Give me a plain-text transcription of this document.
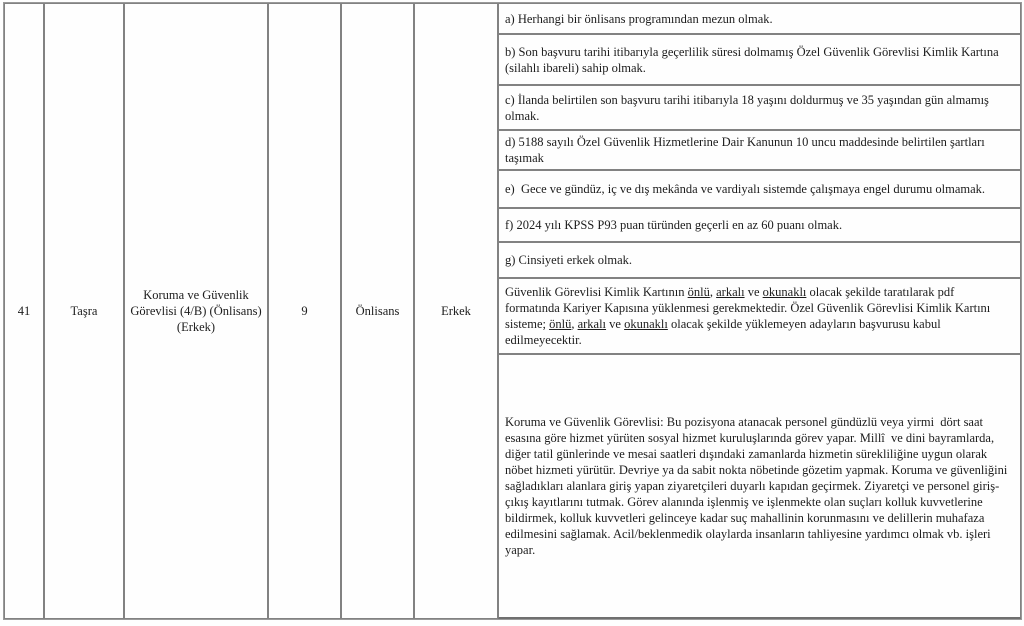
41	Taşra	Koruma ve Güvenlik Görevlisi (4/B) (Önlisans)(Erkek)	9	Önlisans	Erkek	a) Herhangi bir önlisans programından mezun olmak.
b) Son başvuru tarihi itibarıyla geçerlilik süresi dolmamış Özel Güvenlik Görevlisi Kimlik Kartına (silahlı ibareli) sahip olmak.
c) İlanda belirtilen son başvuru tarihi itibarıyla 18 yaşını doldurmuş ve 35 yaşından gün almamış olmak.
d) 5188 sayılı Özel Güvenlik Hizmetlerine Dair Kanunun 10 uncu maddesinde belirtilen şartları taşımak
e)  Gece ve gündüz, iç ve dış mekânda ve vardiyalı sistemde çalışmaya engel durumu olmamak.
f) 2024 yılı KPSS P93 puan türünden geçerli en az 60 puanı olmak.
g) Cinsiyeti erkek olmak.
Güvenlik Görevlisi Kimlik Kartının önlü, arkalı ve okunaklı olacak şekilde taratılarak pdf formatında Kariyer Kapısına yüklenmesi gerekmektedir. Özel Güvenlik Görevlisi Kimlik Kartını sisteme; önlü, arkalı ve okunaklı olacak şekilde yüklemeyen adayların başvurusu kabul edilmeyecektir.
Koruma ve Güvenlik Görevlisi: Bu pozisyona atanacak personel gündüzlü veya yirmi  dört saat esasına göre hizmet yürüten sosyal hizmet kuruluşlarında görev yapar. Millî  ve dini bayramlarda, diğer tatil günlerinde ve mesai saatleri dışındaki zamanlarda hizmetin sürekliliğine uygun olarak nöbet hizmeti yürütür. Devriye ya da sabit nokta nöbetinde gözetim yapmak. Koruma ve güvenliğini sağladıkları alanlara giriş yapan ziyaretçileri duyarlı kapıdan geçirmek. Ziyaretçi ve personel giriş-çıkış kayıtlarını tutmak. Görev alanında işlenmiş ve işlenmekte olan suçları kolluk kuvvetlerine bildirmek, kolluk kuvvetleri gelinceye kadar suç mahallinin korunmasını ve delillerin muhafaza edilmesini sağlamak. Acil/beklenmedik olaylarda insanların tahliyesine yardımcı olmak vb. işleri yapar.
